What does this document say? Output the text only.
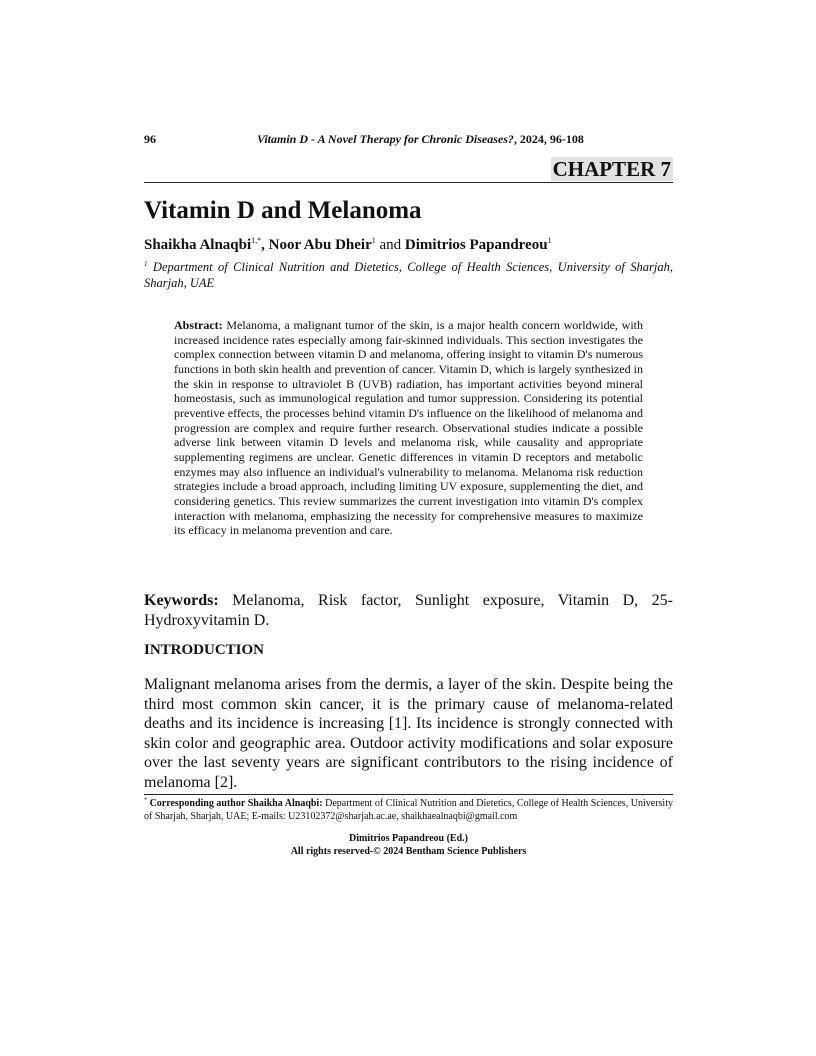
96	Vitamin D - A Novel Therapy for Chronic Diseases?, 2024, 96-108
CHAPTER 7
Vitamin D and Melanoma
Shaikha Alnaqbi$^{1,*}$, Noor Abu Dheir$^1$ and Dimitrios Papandreou$^1$
$^1$ Department of Clinical Nutrition and Dietetics, College of Health Sciences, University of Sharjah, Sharjah, UAE
Abstract: Melanoma, a malignant tumor of the skin, is a major health concern worldwide, with increased incidence rates especially among fair-skinned individuals. This section investigates the complex connection between vitamin D and melanoma, offering insight to vitamin D's numerous functions in both skin health and prevention of cancer. Vitamin D, which is largely synthesized in the skin in response to ultraviolet B (UVB) radiation, has important activities beyond mineral homeostasis, such as immunological regulation and tumor suppression. Considering its potential preventive effects, the processes behind vitamin D's influence on the likelihood of melanoma and progression are complex and require further research. Observational studies indicate a possible adverse link between vitamin D levels and melanoma risk, while causality and appropriate supplementing regimens are unclear. Genetic differences in vitamin D receptors and metabolic enzymes may also influence an individual's vulnerability to melanoma. Melanoma risk reduction strategies include a broad approach, including limiting UV exposure, supplementing the diet, and considering genetics. This review summarizes the current investigation into vitamin D's complex interaction with melanoma, emphasizing the necessity for comprehensive measures to maximize its efficacy in melanoma prevention and care.
Keywords: Melanoma, Risk factor, Sunlight exposure, Vitamin D, 25-Hydroxyvitamin D.
INTRODUCTION
Malignant melanoma arises from the dermis, a layer of the skin. Despite being the third most common skin cancer, it is the primary cause of melanoma-related deaths and its incidence is increasing [1]. Its incidence is strongly connected with skin color and geographic area. Outdoor activity modifications and solar exposure over the last seventy years are significant contributors to the rising incidence of melanoma [2].
* Corresponding author Shaikha Alnaqbi: Department of Clinical Nutrition and Dietetics, College of Health Sciences, University of Sharjah, Sharjah, UAE; E-mails: U23102372@sharjah.ac.ae, shaikhaealnaqbi@gmail.com
Dimitrios Papandreou (Ed.)
All rights reserved-© 2024 Bentham Science Publishers
